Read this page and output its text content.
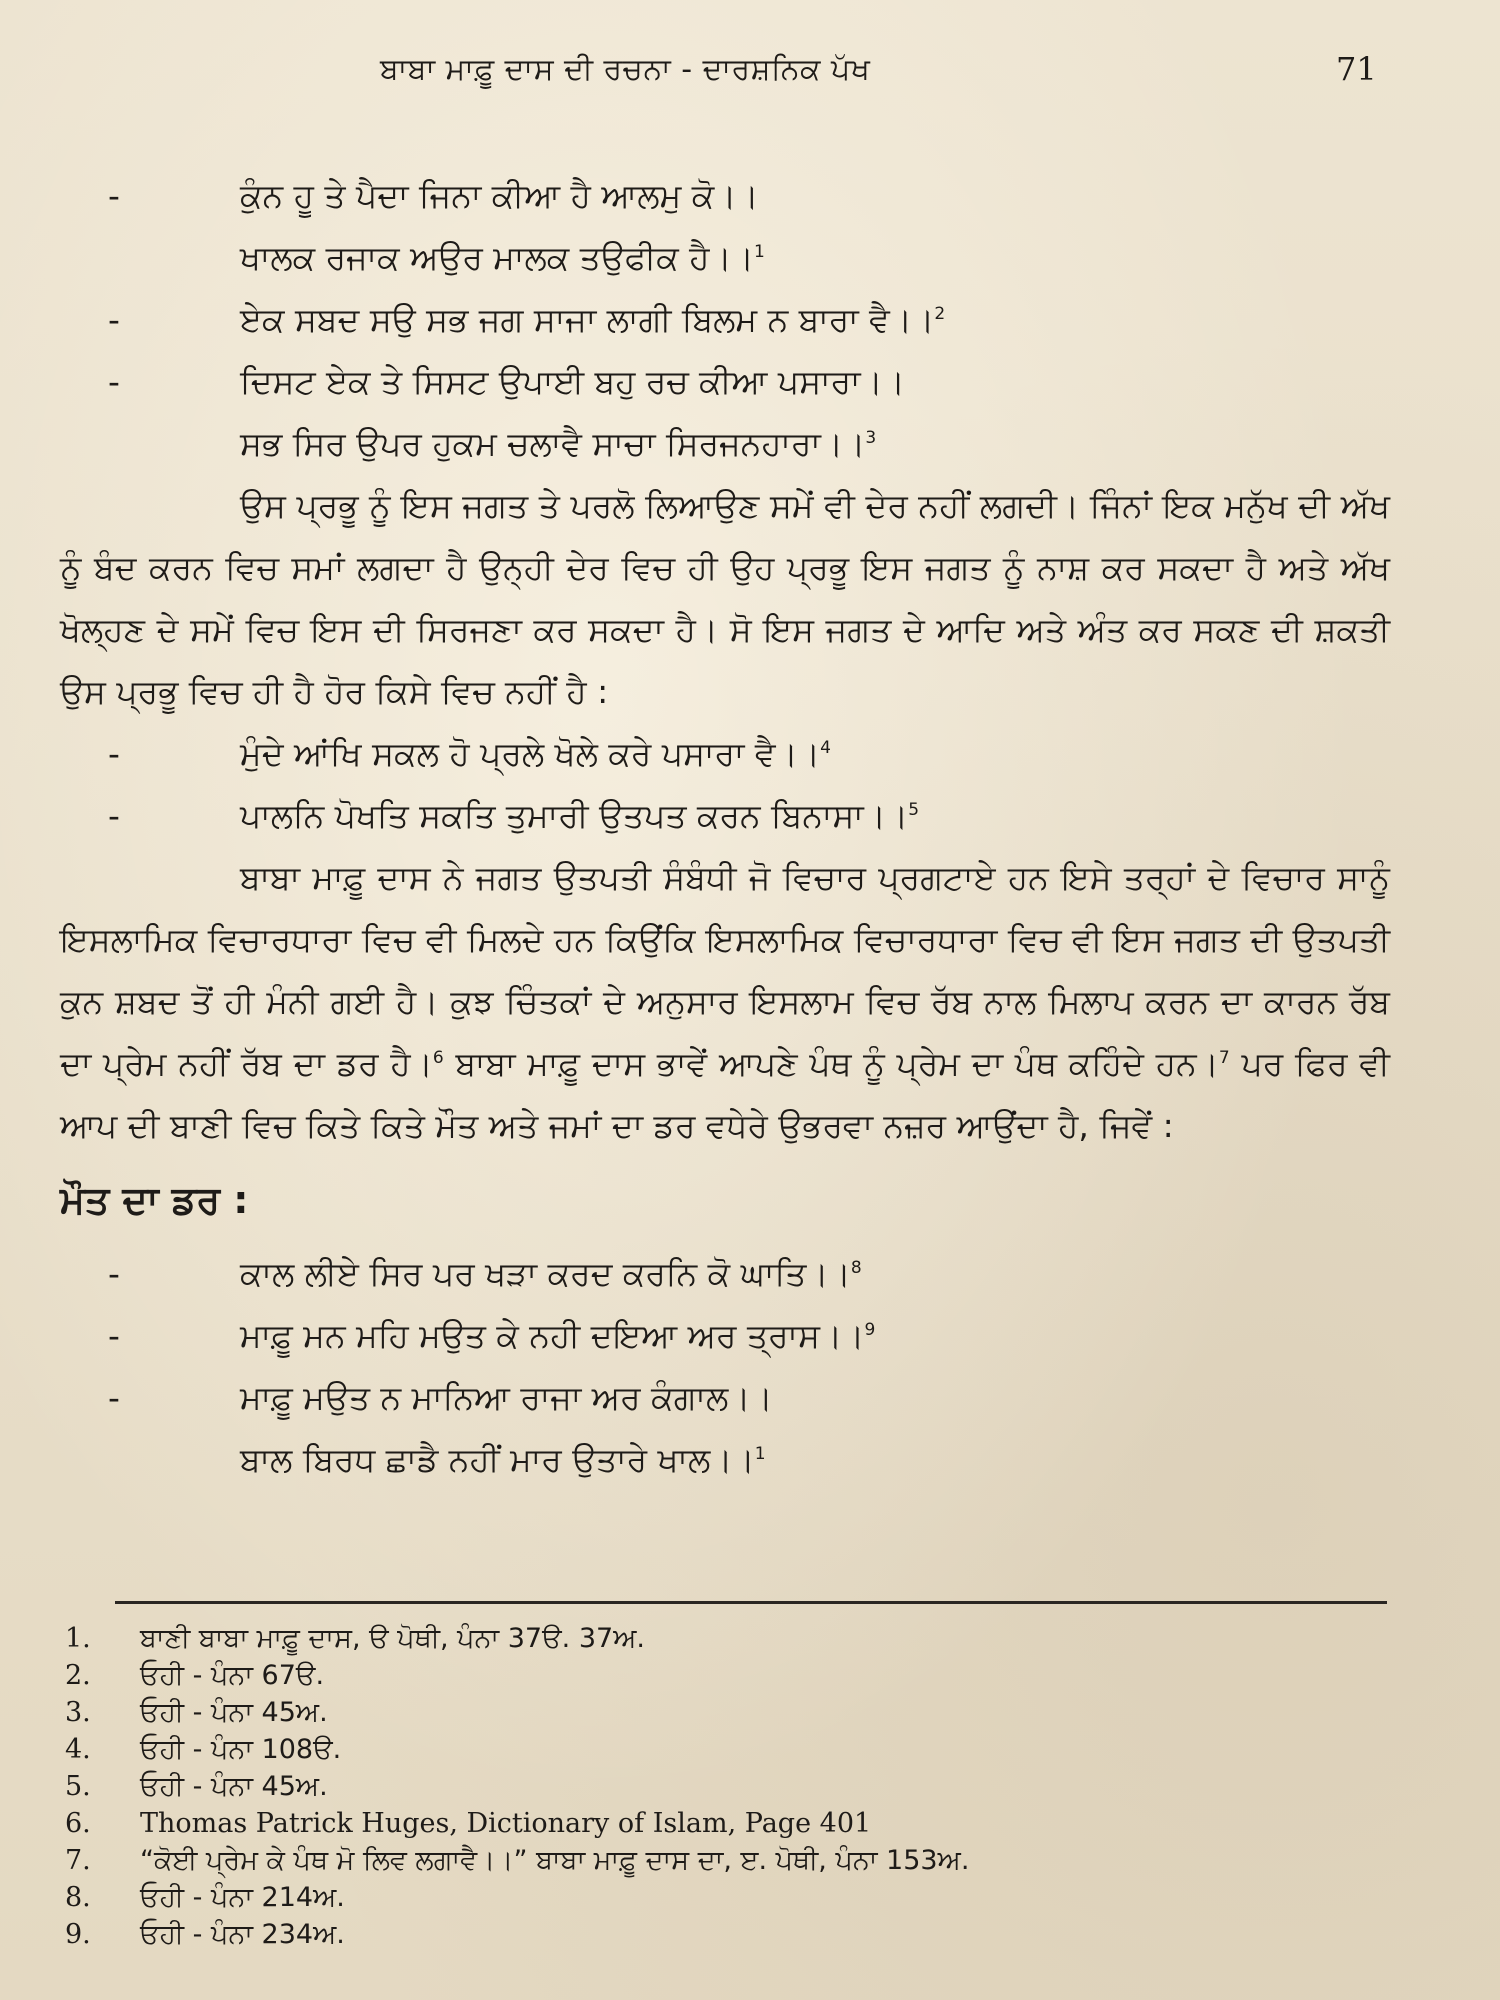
ਬਾਬਾ ਮਾਫ਼ੂ ਦਾਸ ਦੀ ਰਚਨਾ - ਦਾਰਸ਼ਨਿਕ ਪੱਖ	71
-	ਕੁੰਨ ਹੂ ਤੇ ਪੈਦਾ ਜਿਨਾ ਕੀਆ ਹੈ ਆਲਮੁ ਕੋ।।
ਖਾਲਕ ਰਜਾਕ ਅਉਰ ਮਾਲਕ ਤਉਫੀਕ ਹੈ।।$^1$
-	ਏਕ ਸਬਦ ਸਉ ਸਭ ਜਗ ਸਾਜਾ ਲਾਗੀ ਬਿਲਮ ਨ ਬਾਰਾ ਵੈ।।$^2$
-	ਦਿਸਟ ਏਕ ਤੇ ਸਿਸਟ ਉਪਾਈ ਬਹੁ ਰਚ ਕੀਆ ਪਸਾਰਾ।।
ਸਭ ਸਿਰ ਉਪਰ ਹੁਕਮ ਚਲਾਵੈ ਸਾਚਾ ਸਿਰਜਨਹਾਰਾ।।$^3$

ਉਸ ਪ੍ਰਭੂ ਨੂੰ ਇਸ ਜਗਤ ਤੇ ਪਰਲੋ ਲਿਆਉਣ ਸਮੇਂ ਵੀ ਦੇਰ ਨਹੀਂ ਲਗਦੀ। ਜਿੰਨਾਂ ਇਕ ਮਨੁੱਖ ਦੀ ਅੱਖ ਨੂੰ ਬੰਦ ਕਰਨ ਵਿਚ ਸਮਾਂ ਲਗਦਾ ਹੈ ਉਨ੍ਹੀ ਦੇਰ ਵਿਚ ਹੀ ਉਹ ਪ੍ਰਭੂ ਇਸ ਜਗਤ ਨੂੰ ਨਾਸ਼ ਕਰ ਸਕਦਾ ਹੈ ਅਤੇ ਅੱਖ ਖੋਲ੍ਹਣ ਦੇ ਸਮੇਂ ਵਿਚ ਇਸ ਦੀ ਸਿਰਜਣਾ ਕਰ ਸਕਦਾ ਹੈ। ਸੋ ਇਸ ਜਗਤ ਦੇ ਆਦਿ ਅਤੇ ਅੰਤ ਕਰ ਸਕਣ ਦੀ ਸ਼ਕਤੀ ਉਸ ਪ੍ਰਭੂ ਵਿਚ ਹੀ ਹੈ ਹੋਰ ਕਿਸੇ ਵਿਚ ਨਹੀਂ ਹੈ :

-	ਮੁੰਦੇ ਆਂਖਿ ਸਕਲ ਹੋ ਪ੍ਰਲੇ ਖੋਲੇ ਕਰੇ ਪਸਾਰਾ ਵੈ।।$^4$
-	ਪਾਲਨਿ ਪੋਖਤਿ ਸਕਤਿ ਤੁਮਾਰੀ ਉਤਪਤ ਕਰਨ ਬਿਨਾਸਾ।।$^5$

ਬਾਬਾ ਮਾਫ਼ੂ ਦਾਸ ਨੇ ਜਗਤ ਉਤਪਤੀ ਸੰਬੰਧੀ ਜੋ ਵਿਚਾਰ ਪ੍ਰਗਟਾਏ ਹਨ ਇਸੇ ਤਰ੍ਹਾਂ ਦੇ ਵਿਚਾਰ ਸਾਨੂੰ ਇਸਲਾਮਿਕ ਵਿਚਾਰਧਾਰਾ ਵਿਚ ਵੀ ਮਿਲਦੇ ਹਨ ਕਿਉਂਕਿ ਇਸਲਾਮਿਕ ਵਿਚਾਰਧਾਰਾ ਵਿਚ ਵੀ ਇਸ ਜਗਤ ਦੀ ਉਤਪਤੀ ਕੁਨ ਸ਼ਬਦ ਤੋਂ ਹੀ ਮੰਨੀ ਗਈ ਹੈ। ਕੁਝ ਚਿੰਤਕਾਂ ਦੇ ਅਨੁਸਾਰ ਇਸਲਾਮ ਵਿਚ ਰੱਬ ਨਾਲ ਮਿਲਾਪ ਕਰਨ ਦਾ ਕਾਰਨ ਰੱਬ ਦਾ ਪ੍ਰੇਮ ਨਹੀਂ ਰੱਬ ਦਾ ਡਰ ਹੈ।$^6$ ਬਾਬਾ ਮਾਫ਼ੂ ਦਾਸ ਭਾਵੇਂ ਆਪਣੇ ਪੰਥ ਨੂੰ ਪ੍ਰੇਮ ਦਾ ਪੰਥ ਕਹਿੰਦੇ ਹਨ।$^7$ ਪਰ ਫਿਰ ਵੀ ਆਪ ਦੀ ਬਾਣੀ ਵਿਚ ਕਿਤੇ ਕਿਤੇ ਮੌਤ ਅਤੇ ਜਮਾਂ ਦਾ ਡਰ ਵਧੇਰੇ ਉਭਰਵਾ ਨਜ਼ਰ ਆਉਂਦਾ ਹੈ, ਜਿਵੇਂ :

ਮੌਤ ਦਾ ਡਰ :
-	ਕਾਲ ਲੀਏ ਸਿਰ ਪਰ ਖੜਾ ਕਰਦ ਕਰਨਿ ਕੋ ਘਾਤਿ।।$^8$
-	ਮਾਫ਼ੂ ਮਨ ਮਹਿ ਮਉਤ ਕੇ ਨਹੀ ਦਇਆ ਅਰ ਤ੍ਰਾਸ।।$^9$
-	ਮਾਫ਼ੂ ਮਉਤ ਨ ਮਾਨਿਆ ਰਾਜਾ ਅਰ ਕੰਗਾਲ।।
ਬਾਲ ਬਿਰਧ ਛਾਡੈ ਨਹੀਂ ਮਾਰ ਉਤਾਰੇ ਖਾਲ।।$^1$
1. ਬਾਣੀ ਬਾਬਾ ਮਾਫ਼ੂ ਦਾਸ, ੳ ਪੋਥੀ, ਪੰਨਾ 37ੳ. 37ਅ.
2. ਓਹੀ - ਪੰਨਾ 67ੳ.
3. ਓਹੀ - ਪੰਨਾ 45ਅ.
4. ਓਹੀ - ਪੰਨਾ 108ੳ.
5. ਓਹੀ - ਪੰਨਾ 45ਅ.
6. Thomas Patrick Huges, Dictionary of Islam, Page 401
7. “ਕੋਈ ਪ੍ਰੇਮ ਕੇ ਪੰਥ ਮੋ ਲਿਵ ਲਗਾਵੈ।।” ਬਾਬਾ ਮਾਫ਼ੂ ਦਾਸ ਦਾ, ੲ. ਪੋਥੀ, ਪੰਨਾ 153ਅ.
8. ਓਹੀ - ਪੰਨਾ 214ਅ.
9. ਓਹੀ - ਪੰਨਾ 234ਅ.
